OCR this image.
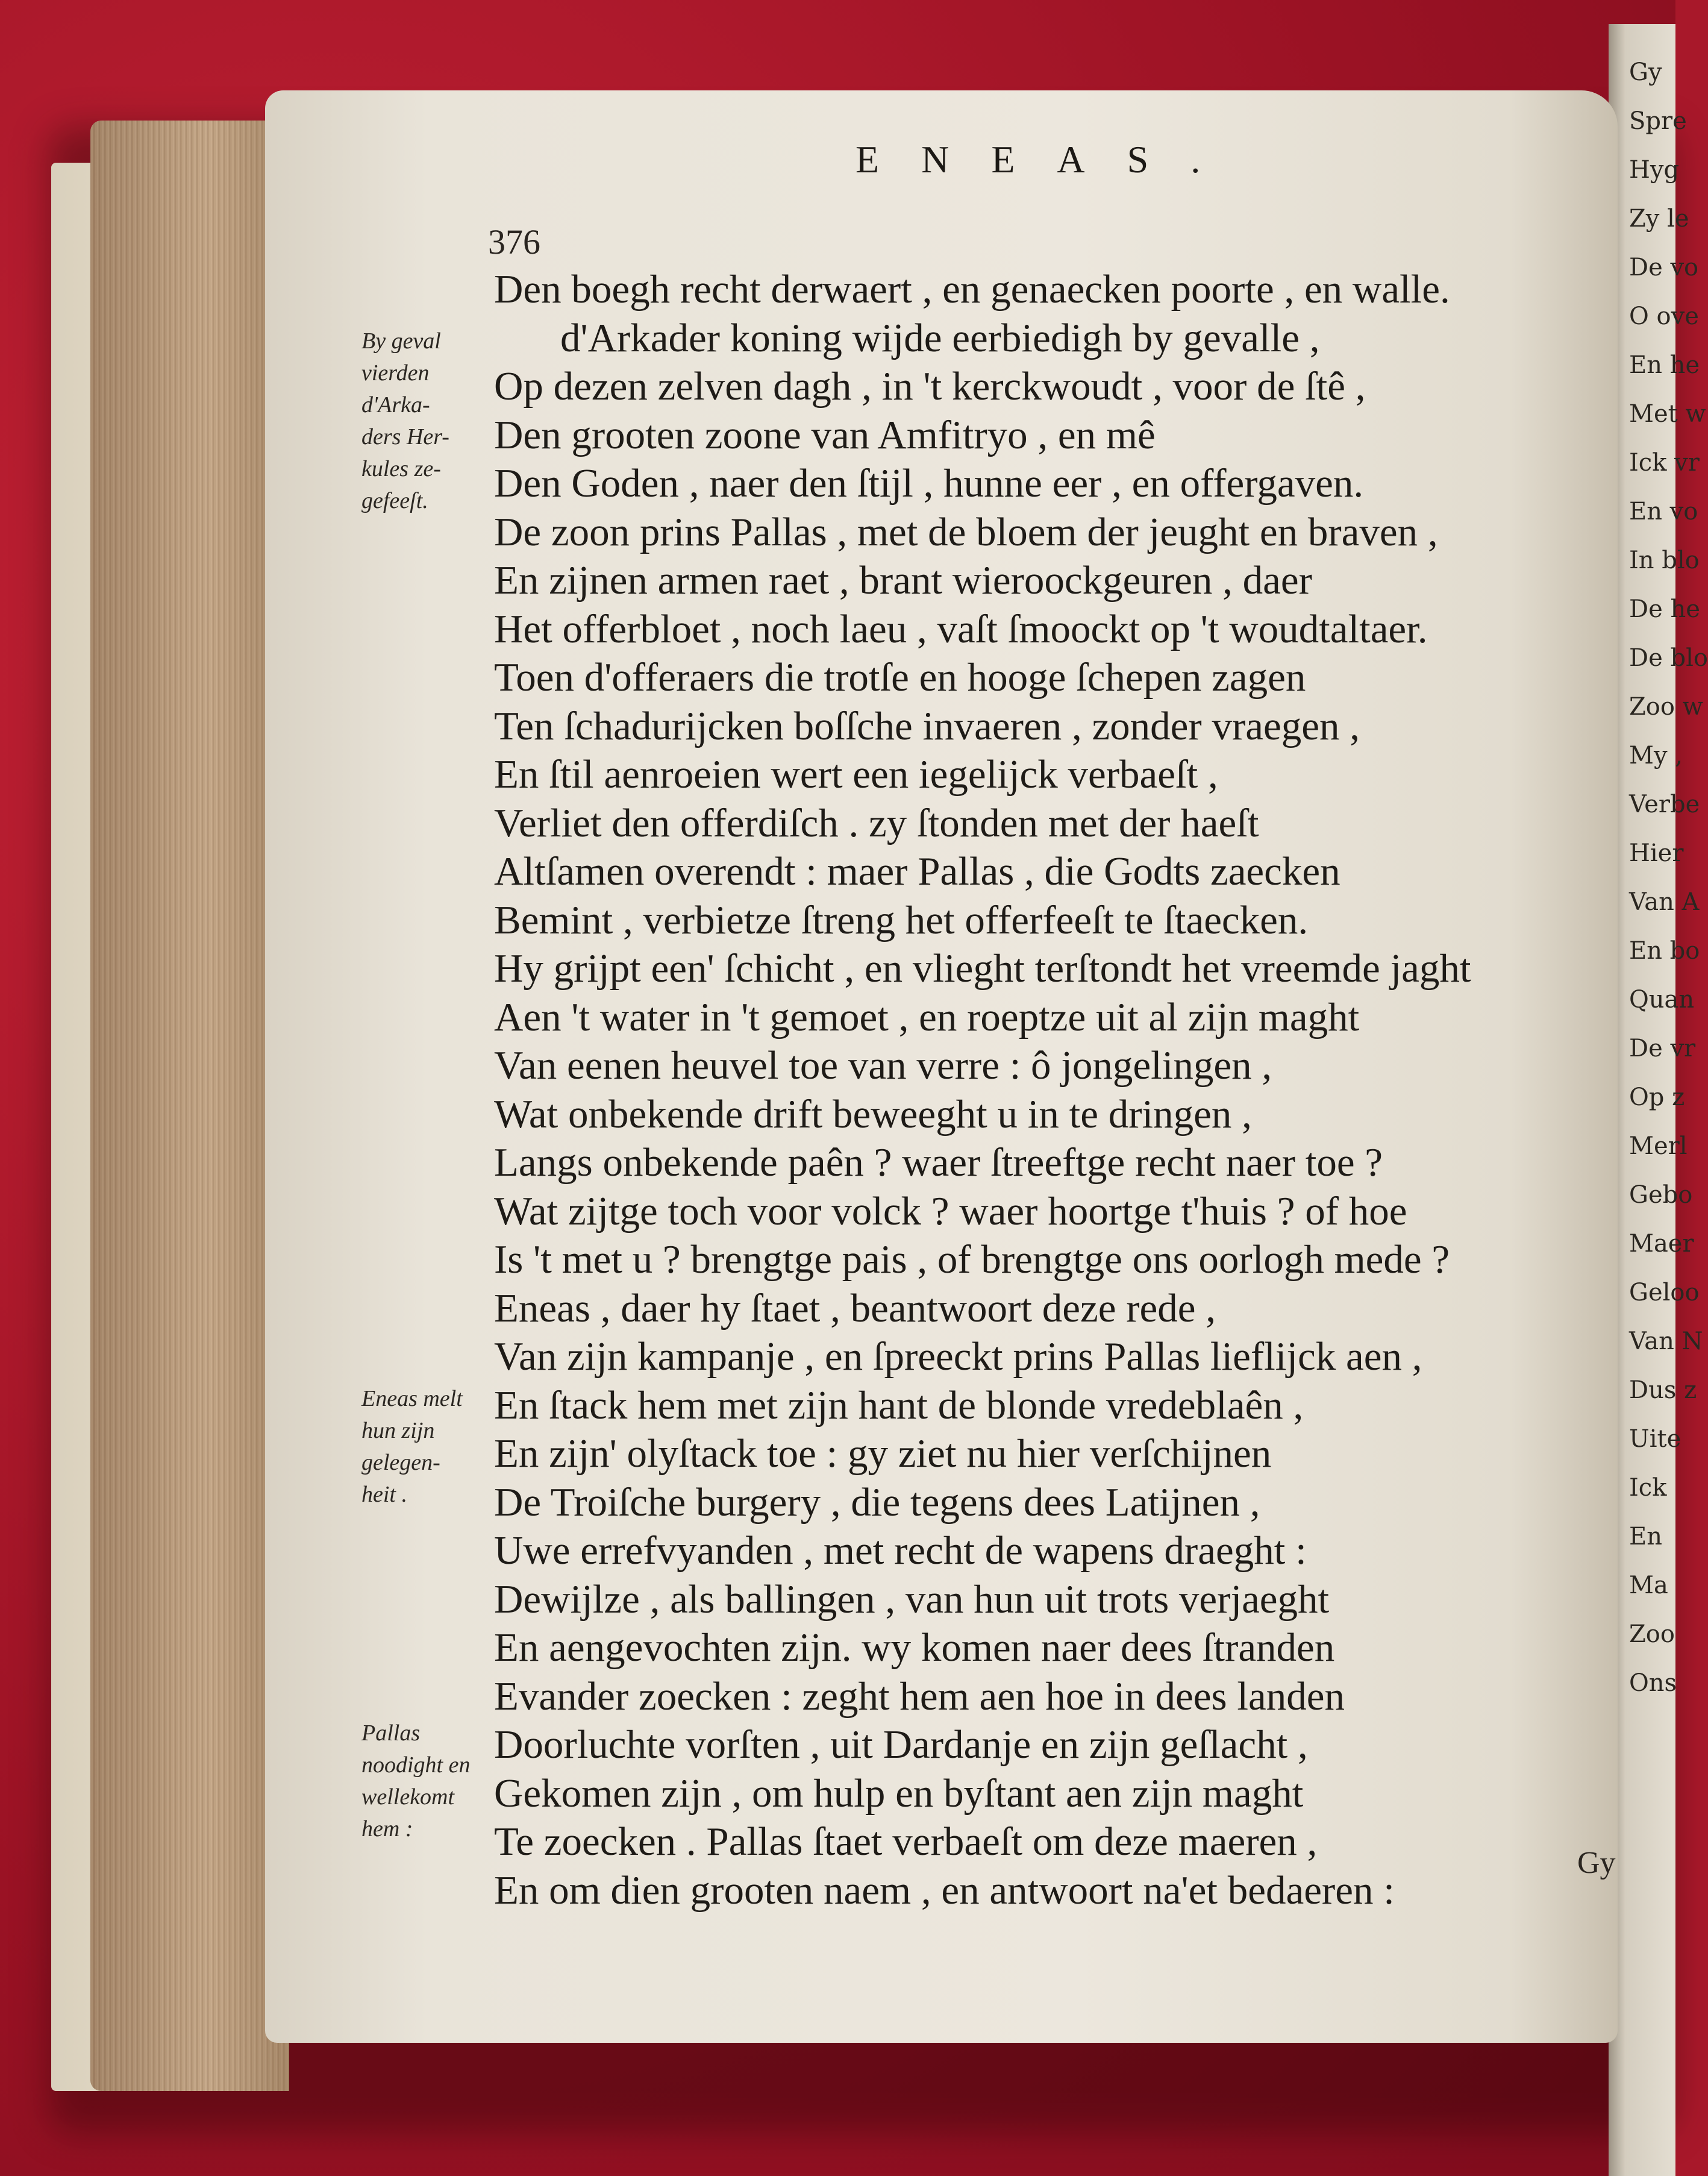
Gy
Spre
Hyg
Zy le
De vo
O ove
En he
Met w
Ick vr
En vo
In blo
De he
De blo
Zoo w
My ,
Verbe
Hier
Van A
En bo
Quan
De vr
Op z
Merl
Gebo
Maer
Geloo
Van N
Dus z
Uite
Ick
En
Ma
Zoo
Ons
ENEAS.
376
Den boegh recht derwaert , en genaecken poorte , en walle.
d'Arkader koning wijde eerbiedigh by gevalle ,
Op dezen zelven dagh , in 't kerckwoudt , voor de ſtê ,
Den grooten zoone van Amfitryo , en mê
Den Goden , naer den ſtijl , hunne eer , en offergaven.
De zoon prins Pallas , met de bloem der jeught en braven ,
En zijnen armen raet , brant wieroockgeuren , daer
Het offerbloet , noch laeu , vaſt ſmoockt op 't woudtaltaer.
Toen d'offeraers die trotſe en hooge ſchepen zagen
Ten ſchadurijcken boſſche invaeren , zonder vraegen ,
En ſtil aenroeien wert een iegelijck verbaeſt ,
Verliet den offerdiſch . zy ſtonden met der haeſt
Altſamen overendt : maer Pallas , die Godts zaecken
Bemint , verbietze ſtreng het offerfeeſt te ſtaecken.
Hy grijpt een' ſchicht , en vlieght terſtondt het vreemde jaght
Aen 't water in 't gemoet , en roeptze uit al zijn maght
Van eenen heuvel toe van verre : ô jongelingen ,
Wat onbekende drift beweeght u in te dringen ,
Langs onbekende paên ? waer ſtreeftge recht naer toe ?
Wat zijtge toch voor volck ? waer hoortge t'huis ? of hoe
Is 't met u ? brengtge pais , of brengtge ons oorlogh mede ?
Eneas , daer hy ſtaet , beantwoort deze rede ,
Van zijn kampanje , en ſpreeckt prins Pallas lieflijck aen ,
En ſtack hem met zijn hant de blonde vredeblaên ,
En zijn' olyſtack toe : gy ziet nu hier verſchijnen
De Troiſche burgery , die tegens dees Latijnen ,
Uwe errefvyanden , met recht de wapens draeght :
Dewijlze , als ballingen , van hun uit trots verjaeght
En aengevochten zijn. wy komen naer dees ſtranden
Evander zoecken : zeght hem aen hoe in dees landen
Doorluchte vorſten , uit Dardanje en zijn geſlacht ,
Gekomen zijn , om hulp en byſtant aen zijn maght
Te zoecken . Pallas ſtaet verbaeſt om deze maeren ,
En om dien grooten naem , en antwoort na'et bedaeren :
By geval
vierden
d'Arka-
ders Her-
kules ze-
gefeeſt.
Eneas melt
hun zijn
gelegen-
heit .
Pallas
noodight en
wellekomt
hem :
Gy
